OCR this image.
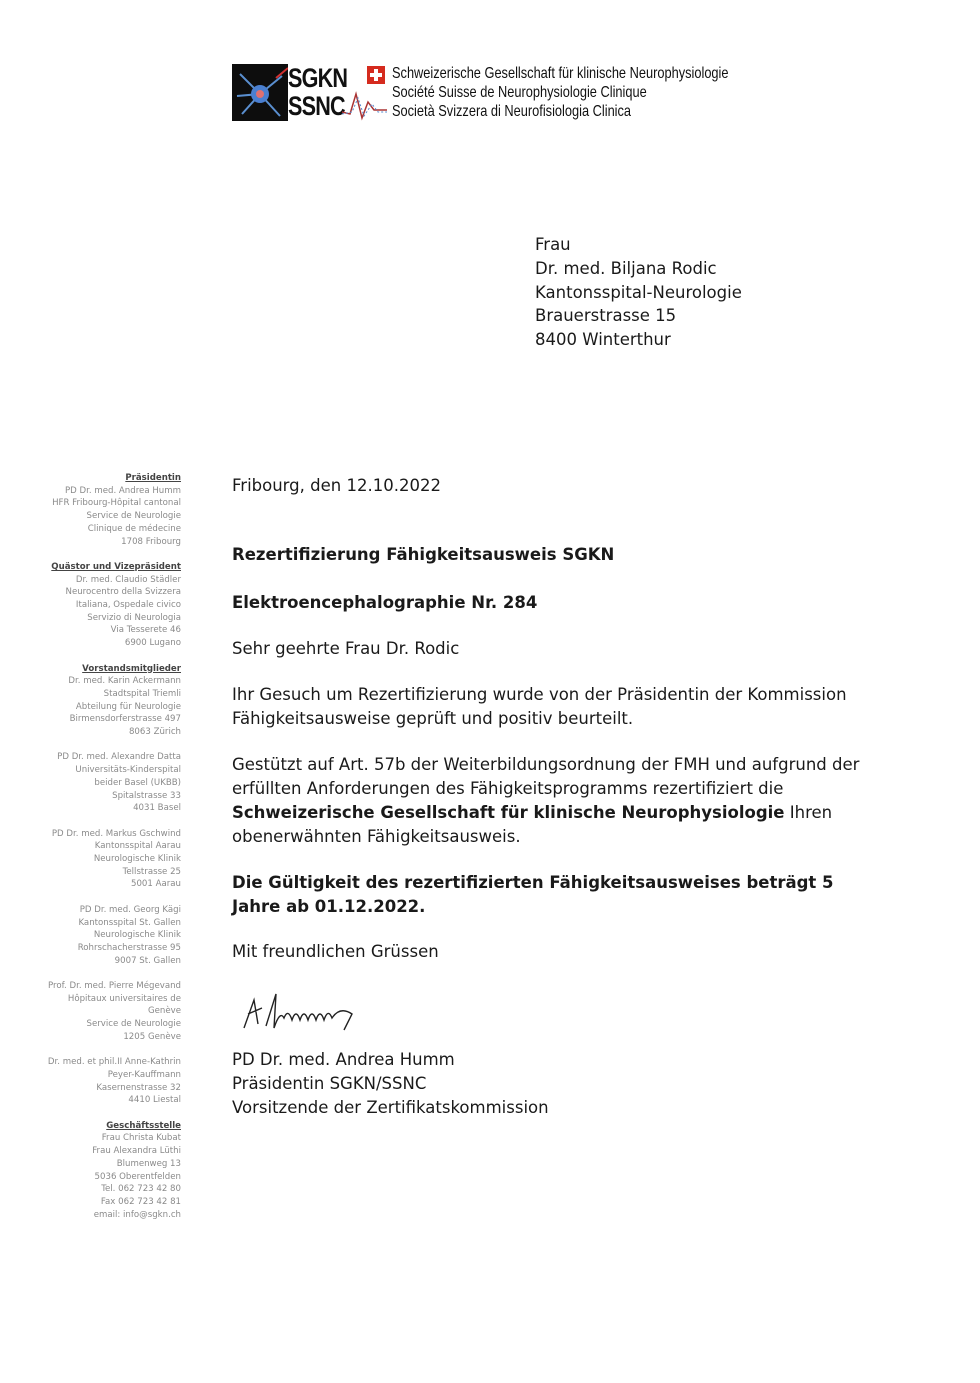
SGKN
SSNC
Schweizerische Gesellschaft für klinische Neurophysiologie
Société Suisse de Neurophysiologie Clinique
Società Svizzera di Neurofisiologia Clinica
Frau
Dr. med. Biljana Rodic
Kantonsspital-Neurologie
Brauerstrasse 15
8400 Winterthur
Präsidentin
PD Dr. med. Andrea Humm
HFR Fribourg-Hôpital cantonal
Service de Neurologie
Clinique de médecine
1708 Fribourg
Quästor und Vizepräsident
Dr. med. Claudio Städler
Neurocentro della Svizzera
Italiana, Ospedale civico
Servizio di Neurologia
Via Tesserete 46
6900 Lugano
Vorstandsmitglieder
Dr. med. Karin Ackermann
Stadtspital Triemli
Abteilung für Neurologie
Birmensdorferstrasse 497
8063 Zürich
PD Dr. med. Alexandre Datta
Universitäts-Kinderspital
beider Basel (UKBB)
Spitalstrasse 33
4031 Basel
PD Dr. med. Markus Gschwind
Kantonsspital Aarau
Neurologische Klinik
Tellstrasse 25
5001 Aarau
PD Dr. med. Georg Kägi
Kantonsspital St. Gallen
Neurologische Klinik
Rohrschacherstrasse 95
9007 St. Gallen
Prof. Dr. med. Pierre Mégevand
Hôpitaux universitaires de
Genève
Service de Neurologie
1205 Genève
Dr. med. et phil.II Anne-Kathrin
Peyer-Kauffmann
Kasernenstrasse 32
4410 Liestal
Geschäftsstelle
Frau Christa Kubat
Frau Alexandra Lüthi
Blumenweg 13
5036 Oberentfelden
Tel. 062 723 42 80
Fax 062 723 42 81
email: info@sgkn.ch
Fribourg, den 12.10.2022
Rezertifizierung Fähigkeitsausweis SGKN
Elektroencephalographie Nr. 284
Sehr geehrte Frau Dr. Rodic
Ihr Gesuch um Rezertifizierung wurde von der Präsidentin der Kommission Fähigkeitsausweise geprüft und positiv beurteilt.
Gestützt auf Art. 57b der Weiterbildungsordnung der FMH und aufgrund der erfüllten Anforderungen des Fähigkeitsprogramms rezertifiziert die Schweizerische Gesellschaft für klinische Neurophysiologie Ihren obenerwähnten Fähigkeitsausweis.
Die Gültigkeit des rezertifizierten Fähigkeitsausweises beträgt 5 Jahre ab 01.12.2022.
Mit freundlichen Grüssen
PD Dr. med. Andrea Humm
Präsidentin SGKN/SSNC
Vorsitzende der Zertifikatskommission
